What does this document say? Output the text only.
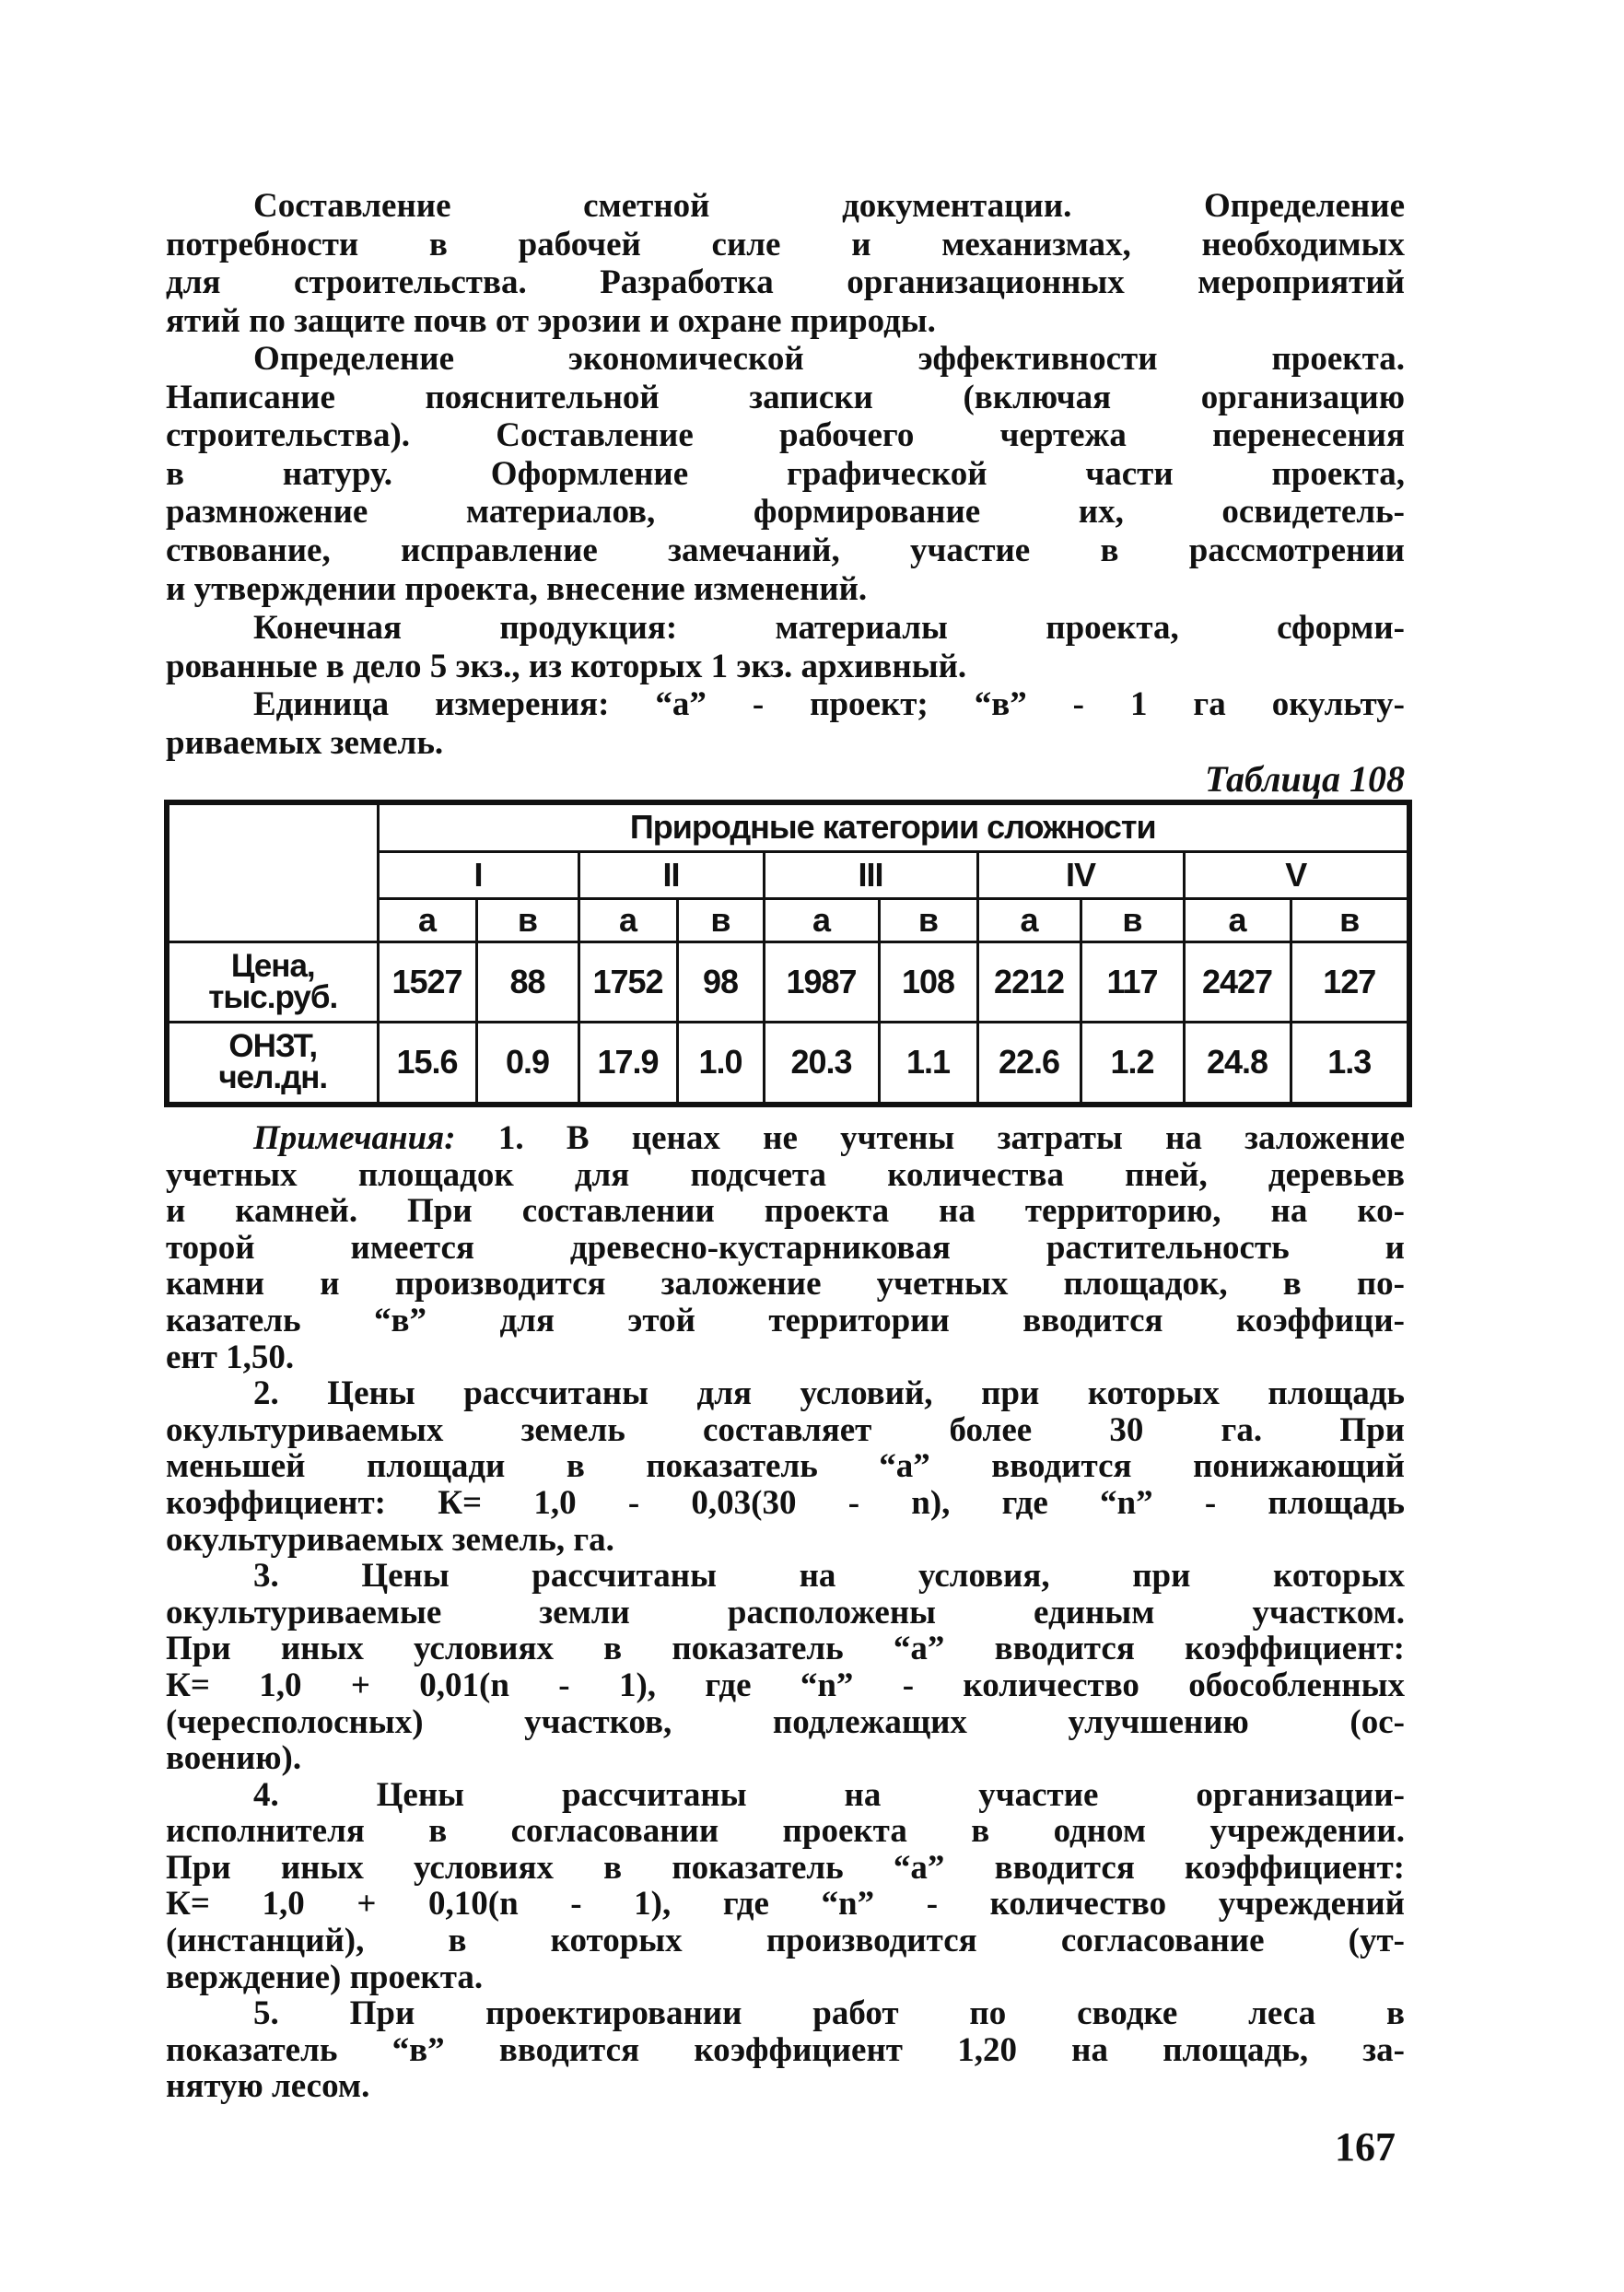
Составление сметной документации. Определение
потребности в рабочей силе и механизмах, необходимых
для строительства. Разработка организационных мероприятий
ятий по защите почв от эрозии и охране природы.
Определение экономической эффективности проекта.
Написание пояснительной записки (включая организацию
строительства). Составление рабочего чертежа перенесения
в натуру. Оформление графической части проекта,
размножение материалов, формирование их, освидетель-
ствование, исправление замечаний, участие в рассмотрении
и утверждении проекта, внесение изменений.
Конечная продукция: материалы проекта, сформи-
рованные в дело 5 экз., из которых 1 экз. архивный.
Единица измерения: “а” - проект; “в” - 1 га окульту-
риваемых земель.
Примечания: 1. В ценах не учтены затраты на заложение
учетных площадок для подсчета количества пней, деревьев
и камней. При составлении проекта на территорию, на ко-
торой имеется древесно-кустарниковая растительность и
камни и производится заложение учетных площадок, в по-
казатель “в” для этой территории вводится коэффици-
ент 1,50.
2. Цены рассчитаны для условий, при которых площадь
окультуриваемых земель составляет более 30 га. При
меньшей площади в показатель “а” вводится понижающий
коэффициент: К= 1,0 - 0,03(30 - n), где “n” - площадь
окультуриваемых земель, га.
3. Цены рассчитаны на условия, при которых
окультуриваемые земли расположены единым участком.
При иных условиях в показатель “а” вводится коэффициент:
К= 1,0 + 0,01(n - 1), где “n” - количество обособленных
(чересполосных) участков, подлежащих улучшению (ос-
воению).
4. Цены рассчитаны на участие организации-
исполнителя в согласовании проекта в одном учреждении.
При иных условиях в показатель “а” вводится коэффициент:
К= 1,0 + 0,10(n - 1), где “n” - количество учреждений
(инстанций), в которых производится согласование (ут-
верждение) проекта.
5. При проектировании работ по сводке леса в
показатель “в” вводится коэффициент 1,20 на площадь, за-
нятую лесом.
Таблица 108
	Природные категории сложности									
	I		II		III		IV		V	
	а	в	а	в	а	в	а	в	а	в

Цена,
тыс.руб.	1527	88	1752	98	1987	108	2212	117	2427	127

ОНЗТ,
чел.дн.	15.6	0.9	17.9	1.0	20.3	1.1	22.6	1.2	24.8	1.3
167
